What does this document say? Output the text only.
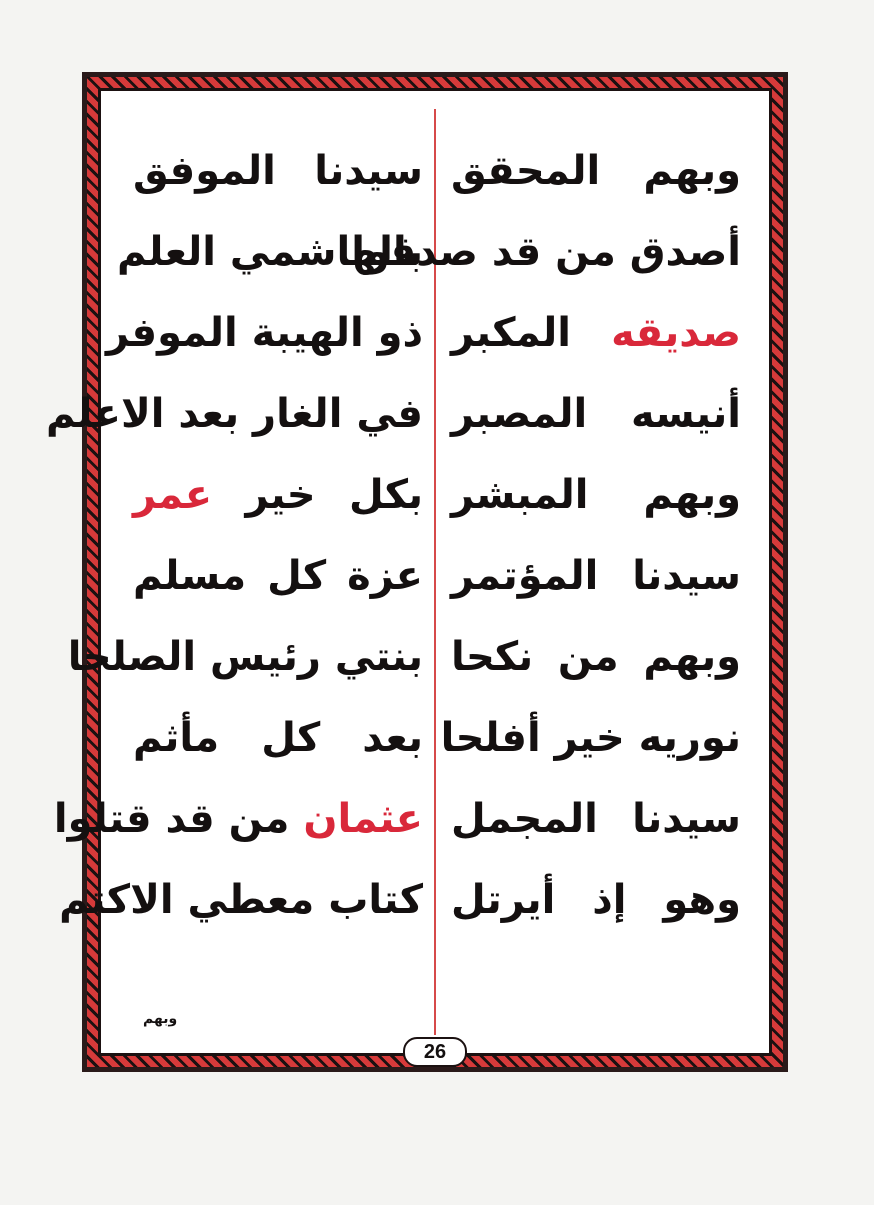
وبهم المحقق
أصدق من قد صدقوا
صديقه المكبر
أنيسه المصبر
وبهم المبشر
سيدنا المؤتمر
وبهم من نكحا
نوريه خير أفلحا
سيدنا المجمل
وهو إذ أيرتل
سيدنا الموفق
بالهاشمي العلم
ذو الهيبة الموفر
في الغار بعد الاعلم
بكل خير عمر
عزة كل مسلم
بنتي رئيس الصلحا
بعد كل مأثم
عثمان من قد قتلوا
كتاب معطي الاكتم
وبهم
26
